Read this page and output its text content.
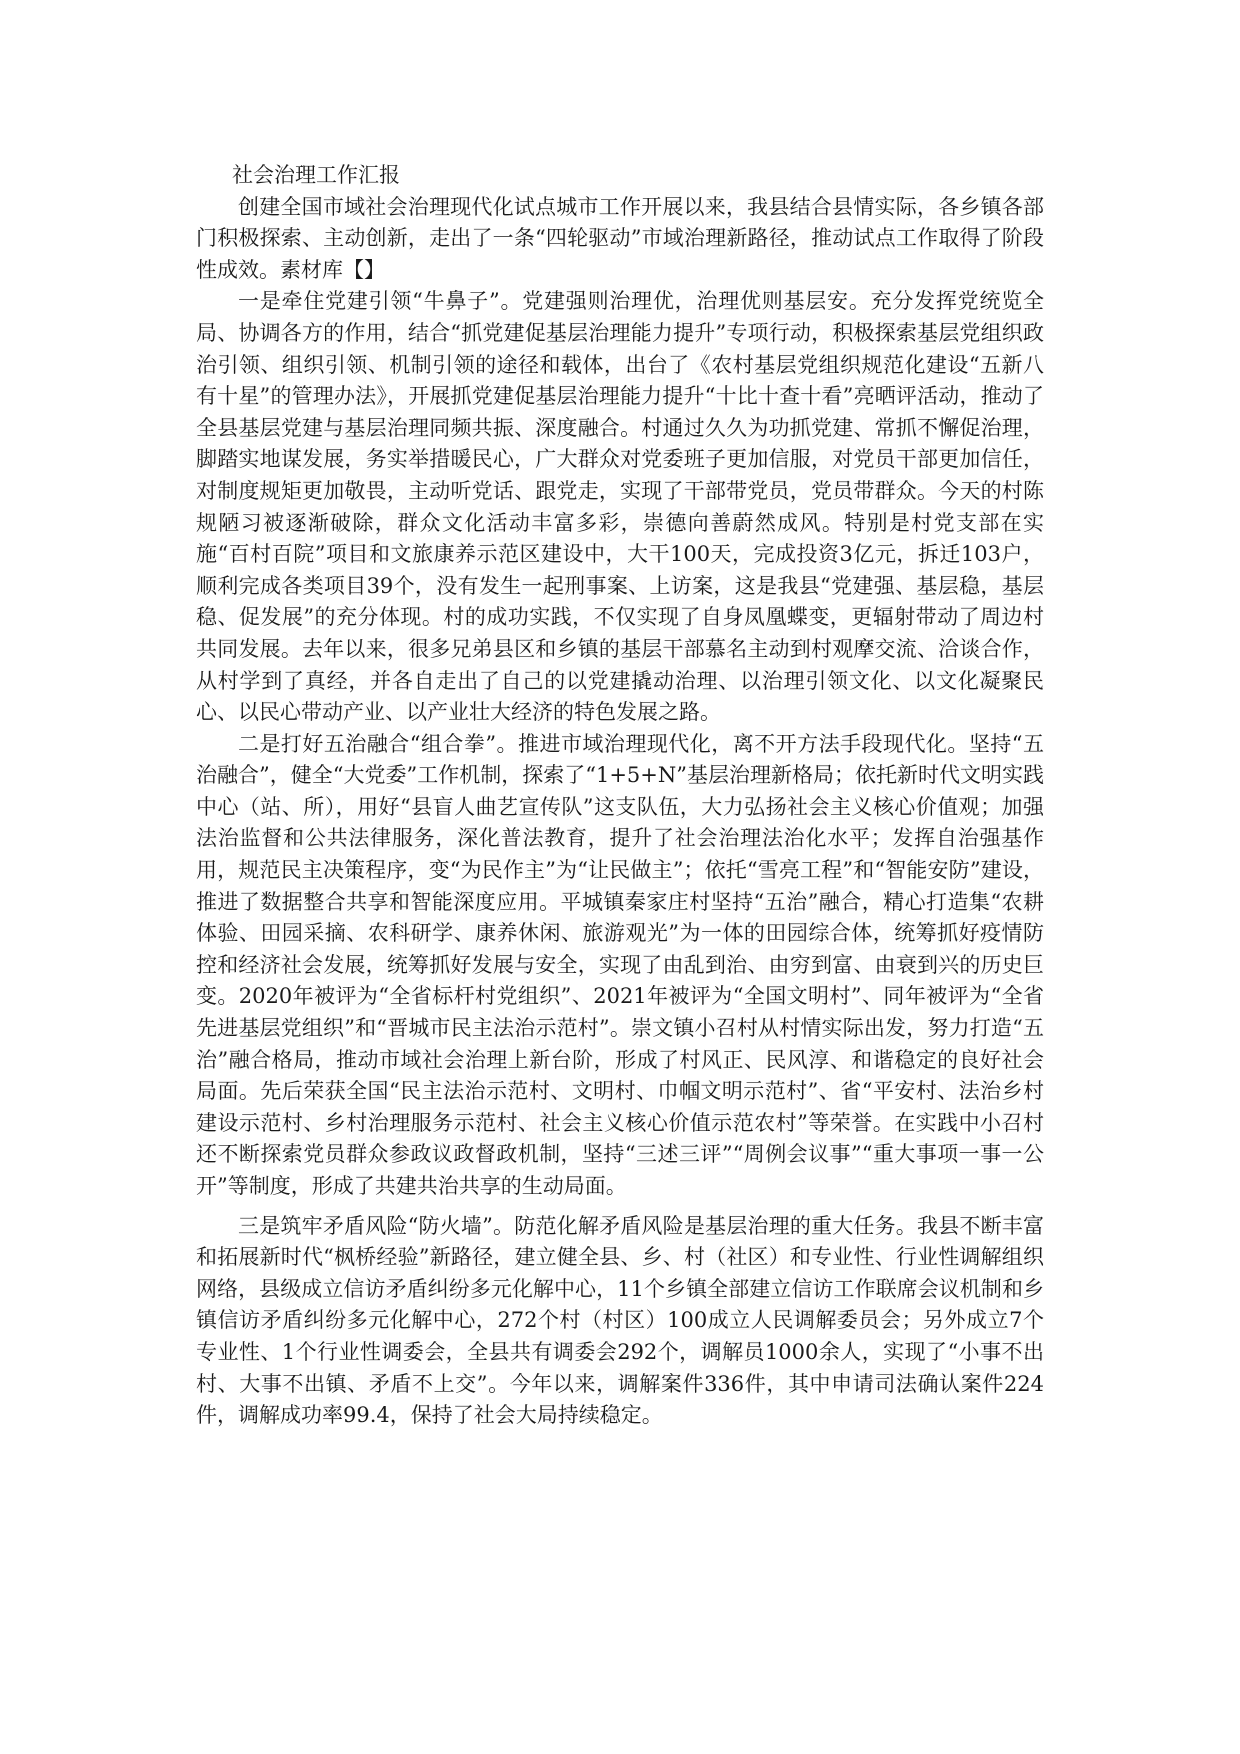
社会治理工作汇报

创建全国市域社会治理现代化试点城市工作开展以来，我县结合县情实际，各乡镇各部门积极探索、主动创新，走出了一条“四轮驱动”市域治理新路径，推动试点工作取得了阶段性成效。素材库【】

一是牵住党建引领“牛鼻子”。党建强则治理优，治理优则基层安。充分发挥党统览全局、协调各方的作用，结合“抓党建促基层治理能力提升”专项行动，积极探索基层党组织政治引领、组织引领、机制引领的途径和载体，出台了《农村基层党组织规范化建设“五新八有十星”的管理办法》，开展抓党建促基层治理能力提升“十比十查十看”亮晒评活动，推动了全县基层党建与基层治理同频共振、深度融合。村通过久久为功抓党建、常抓不懈促治理，脚踏实地谋发展，务实举措暖民心，广大群众对党委班子更加信服，对党员干部更加信任，对制度规矩更加敬畏，主动听党话、跟党走，实现了干部带党员，党员带群众。今天的村陈规陋习被逐渐破除，群众文化活动丰富多彩，崇德向善蔚然成风。特别是村党支部在实施“百村百院”项目和文旅康养示范区建设中，大干100天，完成投资3亿元，拆迁103户，顺利完成各类项目39个，没有发生一起刑事案、上访案，这是我县“党建强、基层稳，基层稳、促发展”的充分体现。村的成功实践，不仅实现了自身凤凰蝶变，更辐射带动了周边村共同发展。去年以来，很多兄弟县区和乡镇的基层干部慕名主动到村观摩交流、洽谈合作，从村学到了真经，并各自走出了自己的以党建撬动治理、以治理引领文化、以文化凝聚民心、以民心带动产业、以产业壮大经济的特色发展之路。

二是打好五治融合“组合拳”。推进市域治理现代化，离不开方法手段现代化。坚持“五治融合”，健全“大党委”工作机制，探索了“1+5+N”基层治理新格局；依托新时代文明实践中心（站、所），用好“县盲人曲艺宣传队”这支队伍，大力弘扬社会主义核心价值观；加强法治监督和公共法律服务，深化普法教育，提升了社会治理法治化水平；发挥自治强基作用，规范民主决策程序，变“为民作主”为“让民做主”；依托“雪亮工程”和“智能安防”建设，推进了数据整合共享和智能深度应用。平城镇秦家庄村坚持“五治”融合，精心打造集“农耕体验、田园采摘、农科研学、康养休闲、旅游观光”为一体的田园综合体，统筹抓好疫情防控和经济社会发展，统筹抓好发展与安全，实现了由乱到治、由穷到富、由衰到兴的历史巨变。2020年被评为“全省标杆村党组织”、2021年被评为“全国文明村”、同年被评为“全省先进基层党组织”和“晋城市民主法治示范村”。崇文镇小召村从村情实际出发，努力打造“五治”融合格局，推动市域社会治理上新台阶，形成了村风正、民风淳、和谐稳定的良好社会局面。先后荣获全国“民主法治示范村、文明村、巾帼文明示范村”、省“平安村、法治乡村建设示范村、乡村治理服务示范村、社会主义核心价值示范农村”等荣誉。在实践中小召村还不断探索党员群众参政议政督政机制，坚持“三述三评”“周例会议事”“重大事项一事一公开”等制度，形成了共建共治共享的生动局面。

三是筑牢矛盾风险“防火墙”。防范化解矛盾风险是基层治理的重大任务。我县不断丰富和拓展新时代“枫桥经验”新路径，建立健全县、乡、村（社区）和专业性、行业性调解组织网络，县级成立信访矛盾纠纷多元化解中心，11个乡镇全部建立信访工作联席会议机制和乡镇信访矛盾纠纷多元化解中心，272个村（村区）100成立人民调解委员会；另外成立7个专业性、1个行业性调委会，全县共有调委会292个，调解员1000余人，实现了“小事不出村、大事不出镇、矛盾不上交”。今年以来，调解案件336件，其中申请司法确认案件224件，调解成功率99.4，保持了社会大局持续稳定。
